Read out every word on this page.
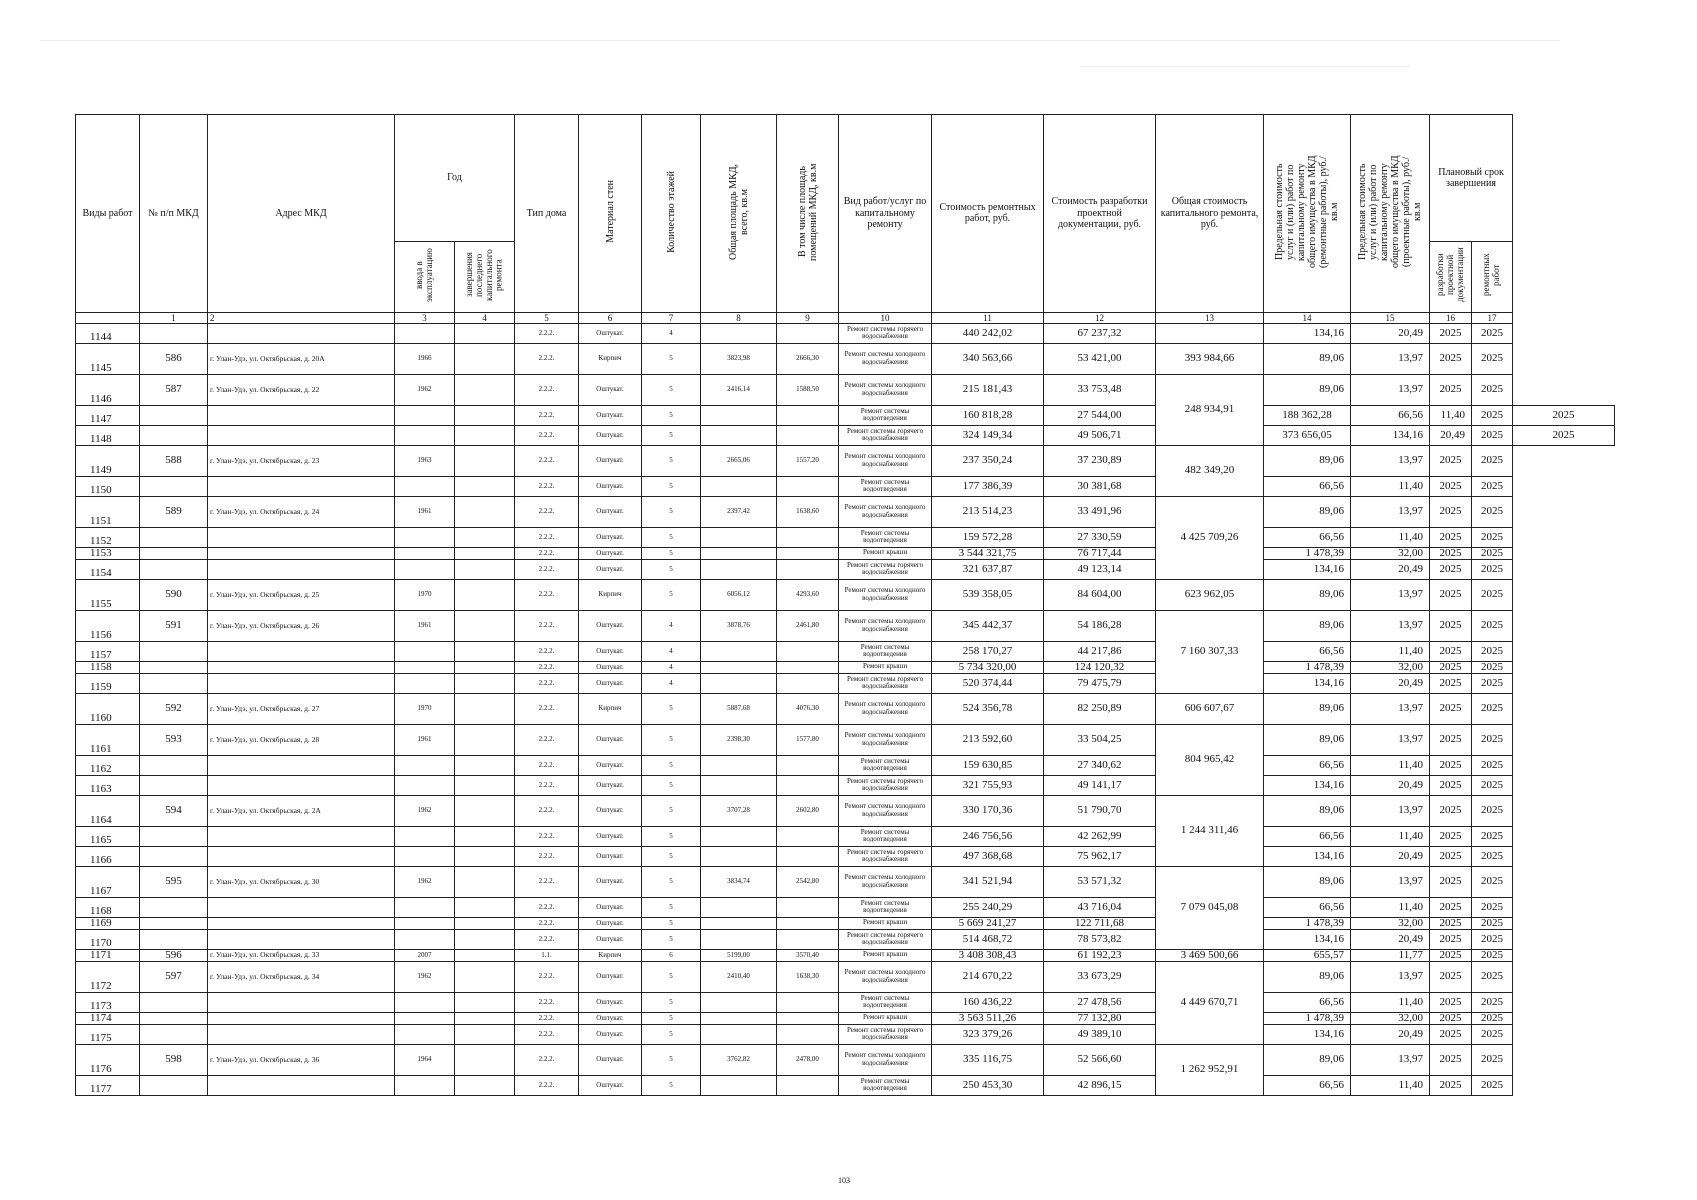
Виды работ	№ п/п МКД	Адрес МКД	Год		Тип дома	Материал стен	Количество этажей	Общая площадь МКД, всего, кв.м	В том числе площадь помещений МКД, кв.м	Вид работ/услуг по капитальному ремонту	Стоимость ремонтных работ, руб.	Стоимость разработки проектной документации, руб.	Общая стоимость капитального ремонта, руб.	Предельная стоимость услуг и (или) работ по капитальному ремонту общего имущества в МКД (ремонтные работы), руб./кв.м	Предельная стоимость услуг и (или) работ по капитальному ремонту общего имущества в МКД (проектные работы), руб./кв.м	Плановый срок завершения		
			ввода в эксплуатацию	завершения последнего капитального ремонта												разработки проектной документации	ремонтных работ	
	1	2	3	4	5	6	7	8	9	10	11	12	13	14	15	16	17	
1144					2.2.2.	Оштукат.	4			Ремонт системы горячего водоснабжения	440 242,02	67 237,32		134,16	20,49	2025	2025	
1145	586	г. Улан-Удэ, ул. Октябрьская, д. 20А	1966		2.2.2.	Кирпич	5	3823,98	2666,30	Ремонт системы холодного водоснабжения	340 563,66	53 421,00	393 984,66	89,06	13,97	2025	2025	
1146	587	г. Улан-Удэ, ул. Октябрьская, д. 22	1962		2.2.2.	Оштукат.	5	2416,14	1588,50	Ремонт системы холодного водоснабжения	215 181,43	33 753,48	248 934,91	89,06	13,97	2025	2025	
1147					2.2.2.	Оштукат.	5			Ремонт системы водоотведения	160 818,28	27 544,00		188 362,28	66,56	11,40	2025	2025
1148					2.2.2.	Оштукат.	5			Ремонт системы горячего водоснабжения	324 149,34	49 506,71		373 656,05	134,16	20,49	2025	2025
1149	588	г. Улан-Удэ, ул. Октябрьская, д. 23	1963		2.2.2.	Оштукат.	5	2665,06	1557,20	Ремонт системы холодного водоснабжения	237 350,24	37 230,89	482 349,20	89,06	13,97	2025	2025	
1150					2.2.2.	Оштукат.	5			Ремонт системы водоотведения	177 386,39	30 381,68		66,56	11,40	2025	2025	
1151	589	г. Улан-Удэ, ул. Октябрьская, д. 24	1961		2.2.2.	Оштукат.	5	2397,42	1638,60	Ремонт системы холодного водоснабжения	213 514,23	33 491,96	4 425 709,26	89,06	13,97	2025	2025	
1152					2.2.2.	Оштукат.	5			Ремонт системы водоотведения	159 572,28	27 330,59		66,56	11,40	2025	2025	
1153					2.2.2.	Оштукат.	5			Ремонт крыши	3 544 321,75	76 717,44		1 478,39	32,00	2025	2025	
1154					2.2.2.	Оштукат.	5			Ремонт системы горячего водоснабжения	321 637,87	49 123,14		134,16	20,49	2025	2025	
1155	590	г. Улан-Удэ, ул. Октябрьская, д. 25	1970		2.2.2.	Кирпич	5	6056,12	4293,60	Ремонт системы холодного водоснабжения	539 358,05	84 604,00	623 962,05	89,06	13,97	2025	2025	
1156	591	г. Улан-Удэ, ул. Октябрьская, д. 26	1961		2.2.2.	Оштукат.	4	3878,76	2461,80	Ремонт системы холодного водоснабжения	345 442,37	54 186,28	7 160 307,33	89,06	13,97	2025	2025	
1157					2.2.2.	Оштукат.	4			Ремонт системы водоотведения	258 170,27	44 217,86		66,56	11,40	2025	2025	
1158					2.2.2.	Оштукат.	4			Ремонт крыши	5 734 320,00	124 120,32		1 478,39	32,00	2025	2025	
1159					2.2.2.	Оштукат.	4			Ремонт системы горячего водоснабжения	520 374,44	79 475,79		134,16	20,49	2025	2025	
1160	592	г. Улан-Удэ, ул. Октябрьская, д. 27	1970		2.2.2.	Кирпич	5	5887,68	4076,30	Ремонт системы холодного водоснабжения	524 356,78	82 250,89	606 607,67	89,06	13,97	2025	2025	
1161	593	г. Улан-Удэ, ул. Октябрьская, д. 28	1961		2.2.2.	Оштукат.	5	2398,30	1577,80	Ремонт системы холодного водоснабжения	213 592,60	33 504,25	804 965,42	89,06	13,97	2025	2025	
1162					2.2.2.	Оштукат.	5			Ремонт системы водоотведения	159 630,85	27 340,62		66,56	11,40	2025	2025	
1163					2.2.2.	Оштукат.	5			Ремонт системы горячего водоснабжения	321 755,93	49 141,17		134,16	20,49	2025	2025	
1164	594	г. Улан-Удэ, ул. Октябрьская, д. 2А	1962		2.2.2.	Оштукат.	5	3707,28	2602,80	Ремонт системы холодного водоснабжения	330 170,36	51 790,70	1 244 311,46	89,06	13,97	2025	2025	
1165					2.2.2.	Оштукат.	5			Ремонт системы водоотведения	246 756,56	42 262,99		66,56	11,40	2025	2025	
1166					2.2.2.	Оштукат.	5			Ремонт системы горячего водоснабжения	497 368,68	75 962,17		134,16	20,49	2025	2025	
1167	595	г. Улан-Удэ, ул. Октябрьская, д. 30	1962		2.2.2.	Оштукат.	5	3834,74	2542,80	Ремонт системы холодного водоснабжения	341 521,94	53 571,32	7 079 045,08	89,06	13,97	2025	2025	
1168					2.2.2.	Оштукат.	5			Ремонт системы водоотведения	255 240,29	43 716,04		66,56	11,40	2025	2025	
1169					2.2.2.	Оштукат.	5			Ремонт крыши	5 669 241,27	122 711,68		1 478,39	32,00	2025	2025	
1170					2.2.2.	Оштукат.	5			Ремонт системы горячего водоснабжения	514 468,72	78 573,82		134,16	20,49	2025	2025	
1171	596	г. Улан-Удэ, ул. Октябрьская, д. 33	2007		1.1.	Кирпич	6	5199,00	3570,40	Ремонт крыши	3 408 308,43	61 192,23	3 469 500,66	655,57	11,77	2025	2025	
1172	597	г. Улан-Удэ, ул. Октябрьская, д. 34	1962		2.2.2.	Оштукат.	5	2410,40	1638,30	Ремонт системы холодного водоснабжения	214 670,22	33 673,29	4 449 670,71	89,06	13,97	2025	2025	
1173					2.2.2.	Оштукат.	5			Ремонт системы водоотведения	160 436,22	27 478,56		66,56	11,40	2025	2025	
1174					2.2.2.	Оштукат.	5			Ремонт крыши	3 563 511,26	77 132,80		1 478,39	32,00	2025	2025	
1175					2.2.2.	Оштукат.	5			Ремонт системы горячего водоснабжения	323 379,26	49 389,10		134,16	20,49	2025	2025	
1176	598	г. Улан-Удэ, ул. Октябрьская, д. 36	1964		2.2.2.	Оштукат.	5	3762,82	2478,00	Ремонт системы холодного водоснабжения	335 116,75	52 566,60	1 262 952,91	89,06	13,97	2025	2025	
1177					2.2.2.	Оштукат.	5			Ремонт системы водоотведения	250 453,30	42 896,15		66,56	11,40	2025	2025	
103
